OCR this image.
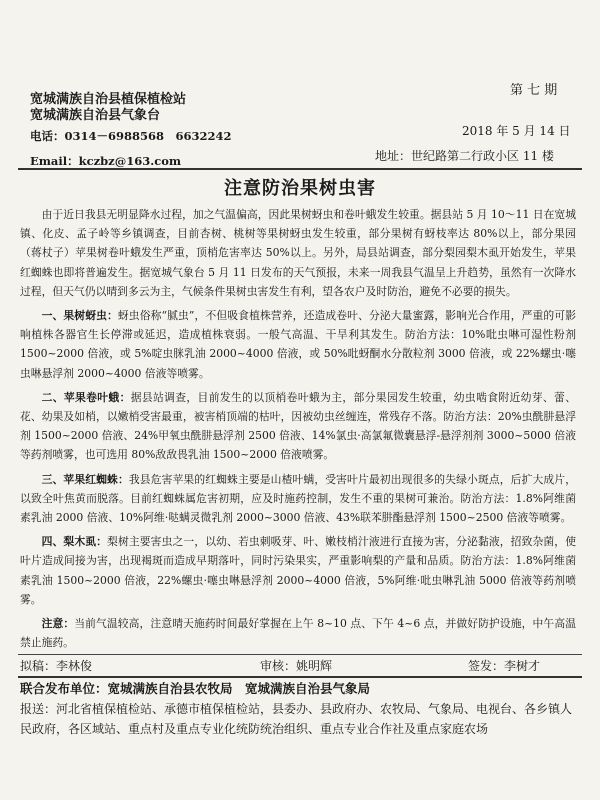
宽城满族自治县植保植检站
宽城满族自治县气象台
第 七 期
电话：0314－6988568　6632242	2018 年 5 月 14 日
Email：kczbz@163.com	地址：世纪路第二行政小区 11 楼
注意防治果树虫害

由于近日我县无明显降水过程，加之气温偏高，因此果树蚜虫和卷叶蛾发生较重。据县站 5 月 10～11 日在宽城镇、化皮、孟子岭等乡镇调查，目前杏树、桃树等果树蚜虫发生较重，部分果树有蚜枝率达 80%以上，部分果园（蒋杖子）苹果树卷叶蛾发生严重，顶梢危害率达 50%以上。另外，局县站调查，部分梨园梨木虱开始发生，苹果红蜘蛛也即将普遍发生。据宽城气象台 5 月 11 日发布的天气预报，未来一周我县气温呈上升趋势，虽然有一次降水过程，但天气仍以晴到多云为主，气候条件果树虫害发生有利，望各农户及时防治，避免不必要的损失。

一、果树蚜虫：蚜虫俗称“腻虫”，不但吸食植株营养，还造成卷叶、分泌大量蜜露，影响光合作用，严重的可影响植株各器官生长停滞或延迟，造成植株衰弱。一般气高温、干旱利其发生。防治方法：10%吡虫啉可湿性粉剂 1500~2000 倍液，或 5%啶虫脒乳油 2000~4000 倍液，或 50%吡蚜酮水分散粒剂 3000 倍液，或 22%螺虫·噻虫啉悬浮剂 2000~4000 倍液等喷雾。

二、苹果卷叶蛾：据县站调查，目前发生的以顶梢卷叶蛾为主，部分果园发生较重，幼虫啮食附近幼芽、蕾、花、幼果及如梢，以嫩梢受害最重，被害梢顶端的枯叶，因被幼虫丝缠连，常残存不落。防治方法：20%虫酰肼悬浮剂 1500~2000 倍液、24%甲氧虫酰肼悬浮剂 2500 倍液、14%氯虫·高氯氟微囊悬浮-悬浮剂剂 3000~5000 倍液等药剂喷雾，也可选用 80%敌敌畏乳油 1500~2000 倍液喷雾。

三、苹果红蜘蛛：我县危害苹果的红蜘蛛主要是山楂叶螨，受害叶片最初出现很多的失绿小斑点，后扩大成片，以致全叶焦黄而脱落。目前红蜘蛛属危害初期，应及时施药控制，发生不重的果树可兼治。防治方法：1.8%阿维菌素乳油 2000 倍液、10%阿维·哒螨灵微乳剂 2000~3000 倍液、43%联苯肼酯悬浮剂 1500~2500 倍液等喷雾。

四、梨木虱：梨树主要害虫之一，以幼、若虫刺吸芽、叶、嫩枝梢汁液进行直接为害，分泌黏液，招致杂菌，使叶片造成间接为害，出现褐斑而造成早期落叶，同时污染果实，严重影响梨的产量和品质。防治方法：1.8%阿维菌素乳油 1500~2000 倍液，22%螺虫·噻虫啉悬浮剂 2000~4000 倍液，5%阿维·吡虫啉乳油 5000 倍液等药剂喷雾。

注意：当前气温较高，注意晴天施药时间最好掌握在上午 8~10 点、下午 4~6 点，并做好防护设施，中午高温禁止施药。

拟稿：李林俊	审核：姚明辉	签发：李树才
联合发布单位：宽城满族自治县农牧局　宽城满族自治县气象局
报送：河北省植保植检站、承德市植保植检站，县委办、县政府办、农牧局、气象局、电视台、各乡镇人民政府，各区域站、重点村及重点专业化统防统治组织、重点专业合作社及重点家庭农场
